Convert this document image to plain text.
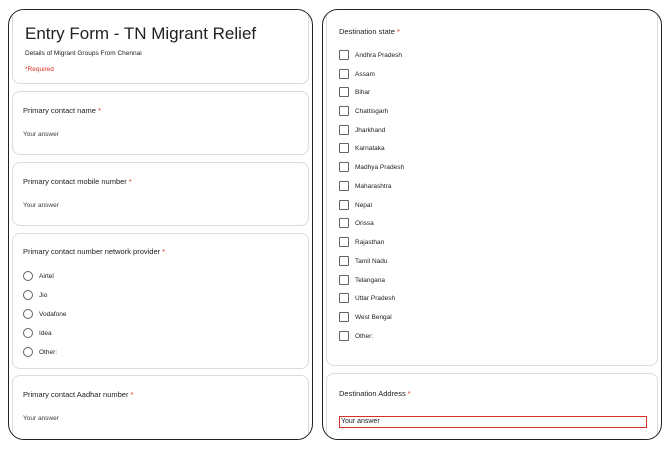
Entry Form - TN Migrant Relief
Details of Migrant Groups From Chennai
*Required
Primary contact name *
Your answer
Primary contact mobile number *
Your answer
Primary contact number network provider *
Airtel
Jio
Vodafone
Idea
Other:
Primary contact Aadhar number *
Your answer
Destination state *
Andhra Pradesh
Assam
Bihar
Chattisgarh
Jharkhand
Karnataka
Madhya Pradesh
Maharashtra
Nepal
Orissa
Rajasthan
Tamil Nadu
Telangana
Uttar Pradesh
West Bengal
Other:
Destination Address *
Your answer
